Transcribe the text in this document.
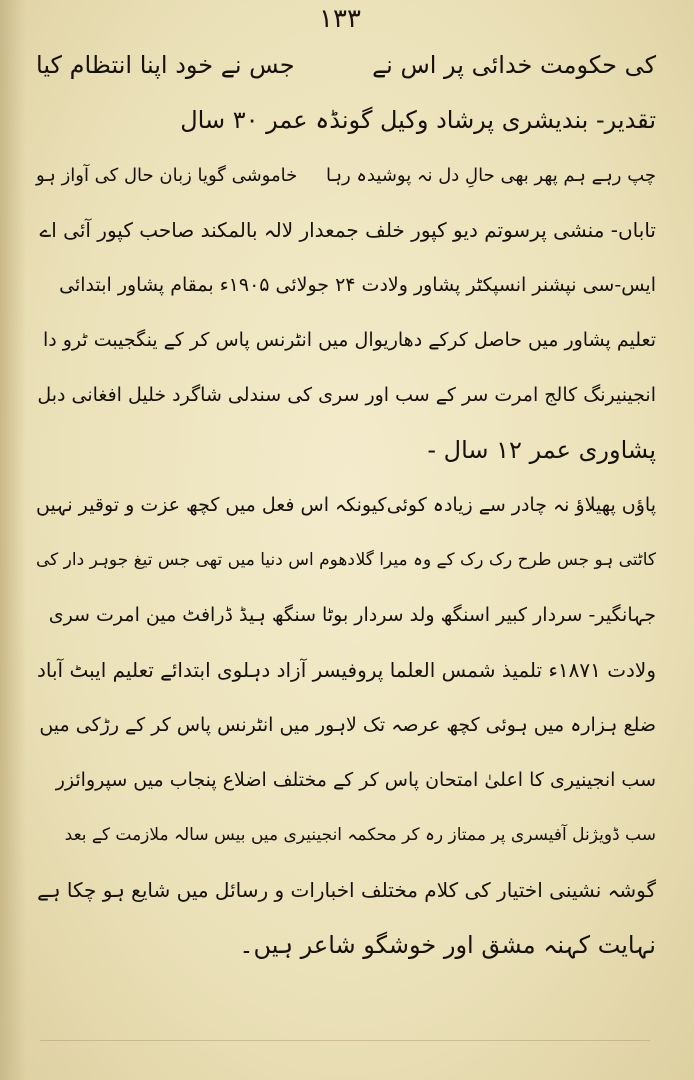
۱۳۳
کی حکومت خدائی پر اس نے
جس نے خود اپنا انتظام کیا
تقدیر- بندیشری پرشاد وکیل گونڈہ عمر ۳۰ سال
چپ رہے ہم پھر بھی حالِ دل نہ پوشیدہ رہا
خاموشی گویا زبان حال کی آواز ہو
تاباں- منشی پرسوتم دیو کپور خلف جمعدار لالہ بالمکند صاحب کپور آئی اے
ایس-سی نپشنر انسپکٹر پشاور ولادت ۲۴ جولائی ۱۹۰۵ء بمقام پشاور ابتدائی
تعلیم پشاور میں حاصل کرکے دھاریوال میں انٹرنس پاس کر کے ینگجیبت ٹرو دا
انجینیرنگ کالج امرت سر کے سب اور سری کی سندلی شاگرد خلیل افغانی دبل
پشاوری عمر ۱۲ سال -
پاؤں پھیلاؤ نہ چادر سے زیادہ کوئی
کیونکہ اس فعل میں کچھ عزت و توقیر نہیں
کاٹتی ہو جس طرح رک رک کے وہ میرا گلا
دھوم اس دنیا میں تھی جس تیغ جوہر دار کی
جہانگیر- سردار کبیر اسنگھ ولد سردار بوٹا سنگھ ہیڈ ڈرافٹ مین امرت سری
ولادت ۱۸۷۱ء تلمیذ شمس العلما پروفیسر آزاد دہلوی ابتدائے تعلیم ایبٹ آباد
ضلع ہزارہ میں ہوئی کچھ عرصہ تک لاہور میں انٹرنس پاس کر کے رڑکی میں
سب انجینیری کا اعلیٰ امتحان پاس کر کے مختلف اضلاع پنجاب میں سپروائزر
سب ڈویژنل آفیسری پر ممتاز رہ کر محکمہ انجینیری میں بیس سالہ ملازمت کے بعد
گوشہ نشینی اختیار کی کلام مختلف اخبارات و رسائل میں شایع ہو چکا ہے
نہایت کہنہ مشق اور خوشگو شاعر ہیں۔
